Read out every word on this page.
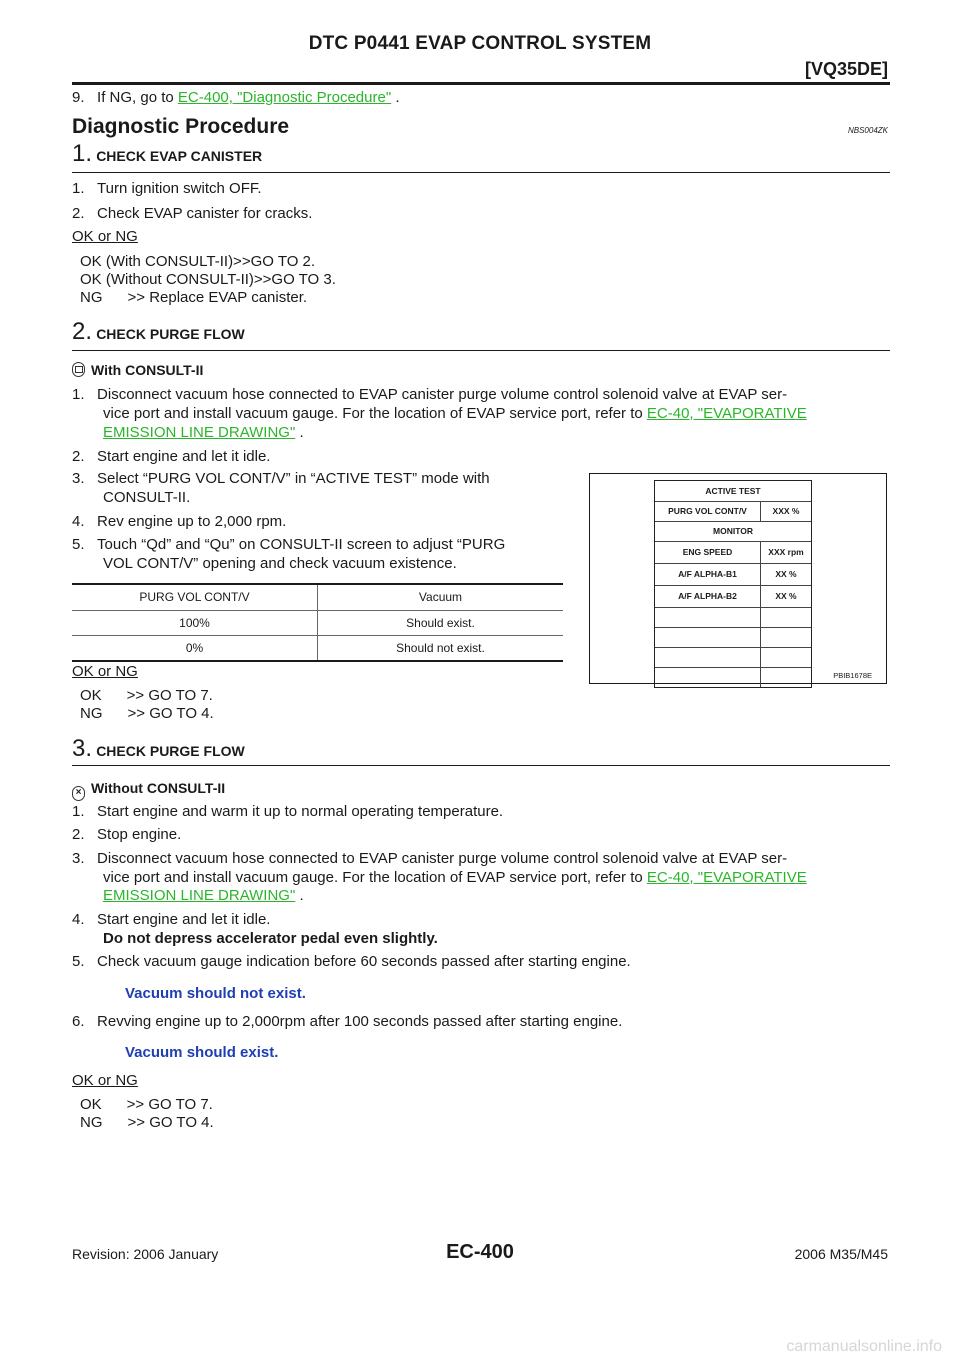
DTC P0441 EVAP CONTROL SYSTEM
[VQ35DE]
9. If NG, go to EC-400, "Diagnostic Procedure" .
Diagnostic Procedure	NBS004ZK
1. CHECK EVAP CANISTER
1. Turn ignition switch OFF.
2. Check EVAP canister for cracks.
OK or NG
OK (With CONSULT-II)>>GO TO 2.
OK (Without CONSULT-II)>>GO TO 3.
NG      >> Replace EVAP canister.
2. CHECK PURGE FLOW
With CONSULT-II
1. Disconnect vacuum hose connected to EVAP canister purge volume control solenoid valve at EVAP ser-
vice port and install vacuum gauge. For the location of EVAP service port, refer to EC-40, "EVAPORATIVE
EMISSION LINE DRAWING" .
2. Start engine and let it idle.
3. Select “PURG VOL CONT/V” in “ACTIVE TEST” mode with
CONSULT-II.
4. Rev engine up to 2,000 rpm.
5. Touch “Qd” and “Qu” on CONSULT-II screen to adjust “PURG
VOL CONT/V” opening and check vacuum existence.
PURG VOL CONT/V	Vacuum
100%	Should exist.
0%	Should not exist.
OK or NG
OK      >> GO TO 7.
NG      >> GO TO 4.
ACTIVE TEST
PURG VOL CONT/V	XXX %
MONITOR
ENG SPEED	XXX rpm
A/F ALPHA-B1	XX %
A/F ALPHA-B2	XX %
PBIB1678E
3. CHECK PURGE FLOW
× Without CONSULT-II
1. Start engine and warm it up to normal operating temperature.
2. Stop engine.
3. Disconnect vacuum hose connected to EVAP canister purge volume control solenoid valve at EVAP ser-
vice port and install vacuum gauge. For the location of EVAP service port, refer to EC-40, "EVAPORATIVE
EMISSION LINE DRAWING" .
4. Start engine and let it idle.
Do not depress accelerator pedal even slightly.
5. Check vacuum gauge indication before 60 seconds passed after starting engine.
Vacuum should not exist.
6. Revving engine up to 2,000rpm after 100 seconds passed after starting engine.
Vacuum should exist.
OK or NG
OK      >> GO TO 7.
NG      >> GO TO 4.
Revision: 2006 January	EC-400	2006 M35/M45
carmanualsonline.info
